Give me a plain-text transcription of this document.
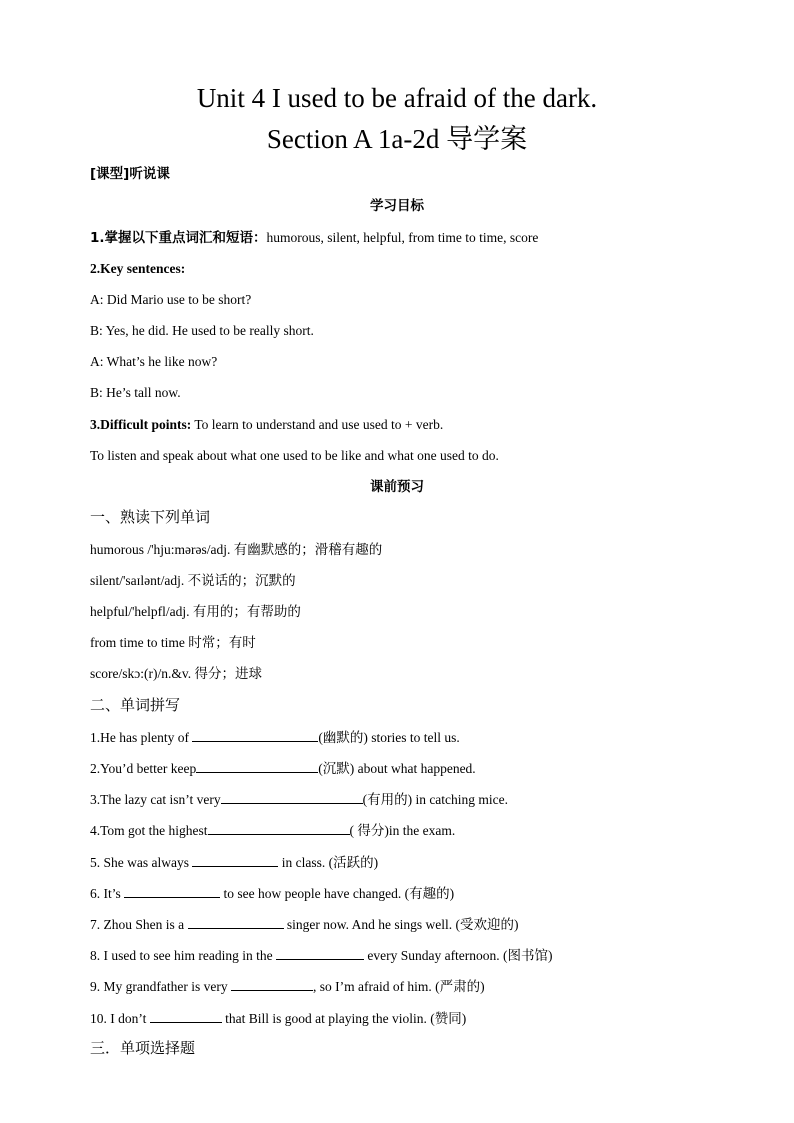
Unit 4 I used to be afraid of the dark.
Section A 1a-2d 导学案
[课型]听说课
学习目标
1.掌握以下重点词汇和短语：humorous, silent, helpful, from time to time, score
2.Key sentences:
A: Did Mario use to be short?
B: Yes, he did. He used to be really short.
A: What’s he like now?
B: He’s tall now.
3.Difficult points: To learn to understand and use used to + verb.
To listen and speak about what one used to be like and what one used to do.
课前预习
一、熟读下列单词
humorous /'hju:mərəs/adj. 有幽默感的；滑稽有趣的
silent/'saɪlənt/adj. 不说话的；沉默的
helpful/'helpfl/adj. 有用的；有帮助的
from time to time 时常；有时
score/skɔ:(r)/n.&v. 得分；进球
二、单词拼写
1.He has plenty of	(幽默的) stories to tell us.
2.You’d better keep	(沉默) about what happened.
3.The lazy cat isn’t very	(有用的) in catching mice.
4.Tom got the highest	( 得分)in the exam.
5. She was always	in class. (活跃的)
6. It’s	to see how people have changed. (有趣的)
7. Zhou Shen is a	singer now. And he sings well. (受欢迎的)
8. I used to see him reading in the	every Sunday afternoon. (图书馆)
9. My grandfather is very	, so I’m afraid of him. (严肃的)
10. I don’t	that Bill is good at playing the violin. (赞同)
三．单项选择题
